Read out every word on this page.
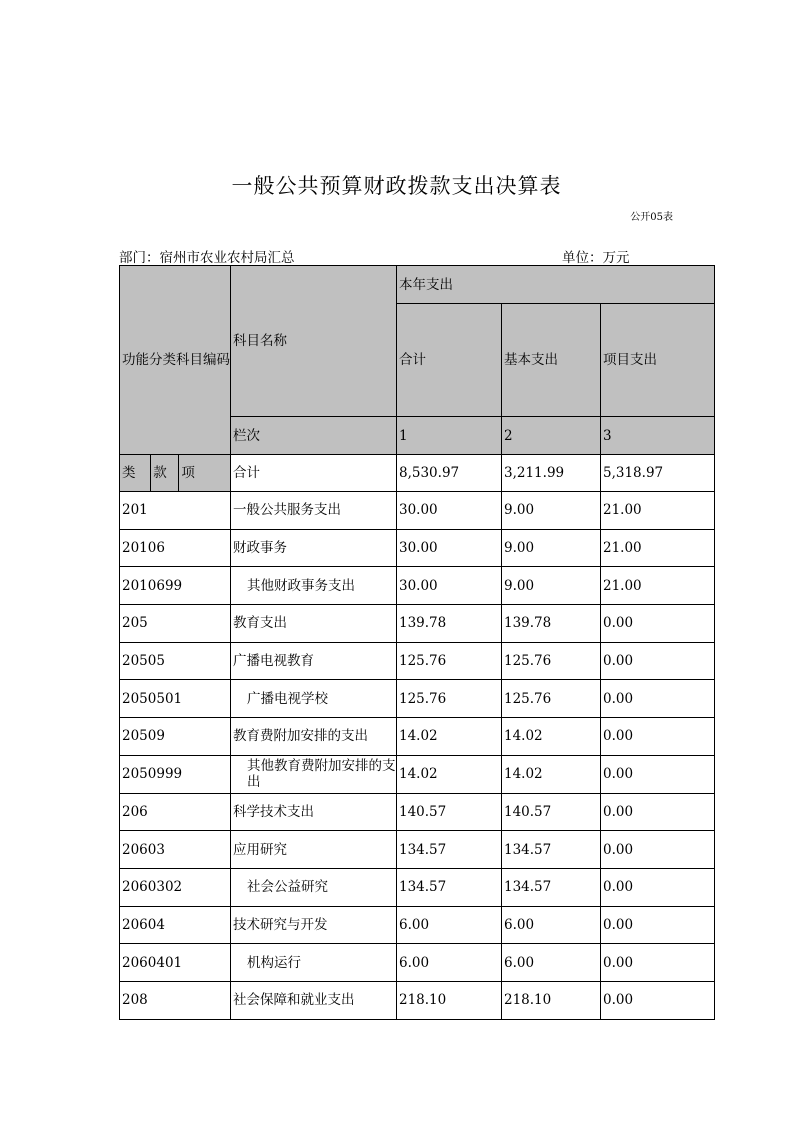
一般公共预算财政拨款支出决算表
公开05表
部门：宿州市农业农村局汇总	单位：万元
功能分类科目编码			科目名称	本年支出		
				合计	基本支出	项目支出
			栏次	1	2	3
类	款	项	合计	8,530.97	3,211.99	5,318.97
201			一般公共服务支出	30.00	9.00	21.00
20106			财政事务	30.00	9.00	21.00
2010699			其他财政事务支出	30.00	9.00	21.00
205			教育支出	139.78	139.78	0.00
20505			广播电视教育	125.76	125.76	0.00
2050501			广播电视学校	125.76	125.76	0.00
20509			教育费附加安排的支出	14.02	14.02	0.00
2050999			其他教育费附加安排的支出	14.02	14.02	0.00
206			科学技术支出	140.57	140.57	0.00
20603			应用研究	134.57	134.57	0.00
2060302			社会公益研究	134.57	134.57	0.00
20604			技术研究与开发	6.00	6.00	0.00
2060401			机构运行	6.00	6.00	0.00
208			社会保障和就业支出	218.10	218.10	0.00
